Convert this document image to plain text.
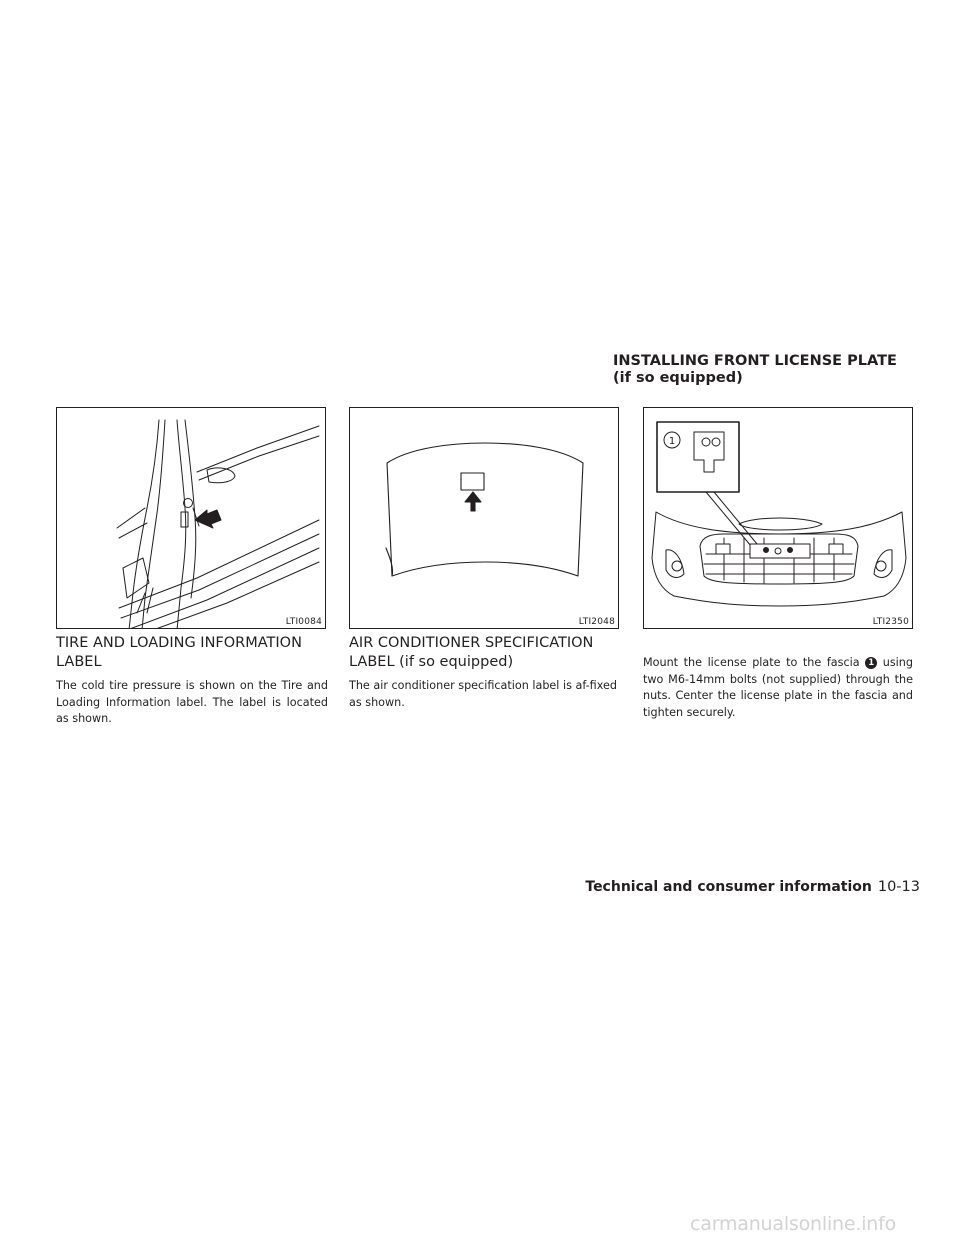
INSTALLING FRONT LICENSE PLATE
(if so equipped)
LTI0084	LTI2048
1
LTI2350
TIRE AND LOADING INFORMATION
LABEL

The cold tire pressure is shown on the Tire and Loading Information label. The label is located as shown.

AIR CONDITIONER SPECIFICATION
LABEL (if so equipped)

The air conditioner specification label is af-fixed as shown.

Mount the license plate to the fascia 1 using two M6-14mm bolts (not supplied) through the nuts. Center the license plate in the fascia and tighten securely.

Technical and consumer information 10-13
carmanualsonline.info
